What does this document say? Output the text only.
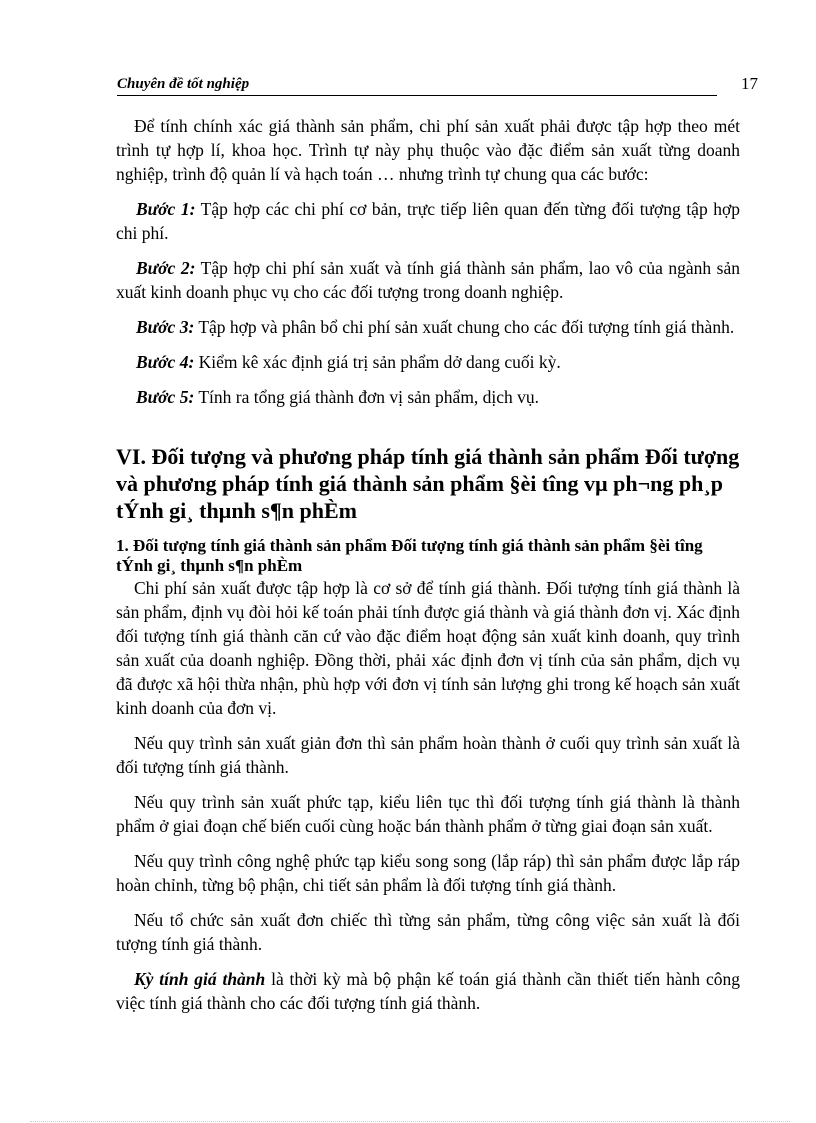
Chuyên đề tốt nghiệp	17

Để tính chính xác giá thành sản phẩm, chi phí sản xuất phải được tập hợp theo mét trình tự hợp lí, khoa học. Trình tự này phụ thuộc vào đặc điểm sản xuất từng doanh nghiệp, trình độ quản lí và hạch toán … nhưng trình tự chung qua các bước:

Bước 1: Tập hợp các chi phí cơ bản, trực tiếp liên quan đến từng đối tượng tập hợp chi phí.

Bước 2: Tập hợp chi phí sản xuất và tính giá thành sản phẩm, lao vô của ngành sản xuất kinh doanh phục vụ cho các đối tượng trong doanh nghiệp.

Bước 3: Tập hợp và phân bổ chi phí sản xuất chung cho các đối tượng tính giá thành.

Bước 4: Kiểm kê xác định giá trị sản phẩm dở dang cuối kỳ.

Bước 5: Tính ra tổng giá thành đơn vị sản phẩm, dịch vụ.

VI. Đối tượng và phương pháp tính giá thành sản phẩm Đối tượng và phương pháp tính giá thành sản phẩm §èi tîng vµ ph¬ng ph¸p tÝnh gi¸ thµnh s¶n phÈm
1. Đối tượng tính giá thành sản phẩm Đối tượng tính giá thành sản phẩm §èi tîng tÝnh gi¸ thµnh s¶n phÈm

Chi phí sản xuất được tập hợp là cơ sở để tính giá thành. Đối tượng tính giá thành là sản phẩm, định vụ đòi hỏi kế toán phải tính được giá thành và giá thành đơn vị. Xác định đối tượng tính giá thành căn cứ vào đặc điểm hoạt động sản xuất kinh doanh, quy trình sản xuất của doanh nghiệp. Đồng thời, phải xác định đơn vị tính của sản phẩm, dịch vụ đã được xã hội thừa nhận, phù hợp với đơn vị tính sản lượng ghi trong kế hoạch sản xuất kinh doanh của đơn vị.

Nếu quy trình sản xuất giản đơn thì sản phẩm hoàn thành ở cuối quy trình sản xuất là đối tượng tính giá thành.

Nếu quy trình sản xuất phức tạp, kiểu liên tục thì đối tượng tính giá thành là thành phẩm ở giai đoạn chế biến cuối cùng hoặc bán thành phẩm ở từng giai đoạn sản xuất.

Nếu quy trình công nghệ phức tạp kiểu song song (lắp ráp) thì sản phẩm được lắp ráp hoàn chỉnh, từng bộ phận, chi tiết sản phẩm là đối tượng tính giá thành.

Nếu tổ chức sản xuất đơn chiếc thì từng sản phẩm, từng công việc sản xuất là đối tượng tính giá thành.

Kỳ tính giá thành là thời kỳ mà bộ phận kế toán giá thành cần thiết tiến hành công việc tính giá thành cho các đối tượng tính giá thành.
